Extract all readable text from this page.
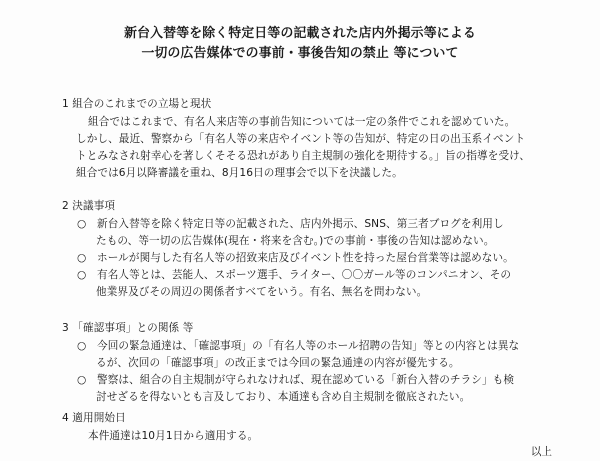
新台入替等を除く特定日等の記載された店内外掲示等による
一切の広告媒体での事前・事後告知の禁止 等について
1 組合のこれまでの立場と現状
組合ではこれまで、有名人来店等の事前告知については一定の条件でこれを認めていた。
しかし、最近、警察から「有名人等の来店やイベント等の告知が、特定の日の出玉系イベント
トとみなされ射幸心を著しくそそる恐れがあり自主規制の強化を期待する。」旨の指導を受け、
組合では6月以降審議を重ね、8月16日の理事会で以下を決議した。
2 決議事項
○ 新台入替等を除く特定日等の記載された、店内外掲示、SNS、第三者ブログを利用し
たもの、等一切の広告媒体(現在・将来を含む。)での事前・事後の告知は認めない。
○ ホールが関与した有名人等の招致来店及びイベント性を持った屋台営業等は認めない。
○ 有名人等とは、芸能人、スポーツ選手、ライター、〇〇ガール等のコンパニオン、その
他業界及びその周辺の関係者すべてをいう。有名、無名を問わない。
3 「確認事項」との関係 等
○ 今回の緊急通達は、「確認事項」の「有名人等のホール招聘の告知」等との内容とは異な
るが、次回の「確認事項」の改正までは今回の緊急通達の内容が優先する。
○ 警察は、組合の自主規制が守られなければ、現在認めている「新台入替のチラシ」も検
討せざるを得ないとも言及しており、本通達も含め自主規制を徹底されたい。
4 適用開始日
本件通達は10月1日から適用する。
以上
